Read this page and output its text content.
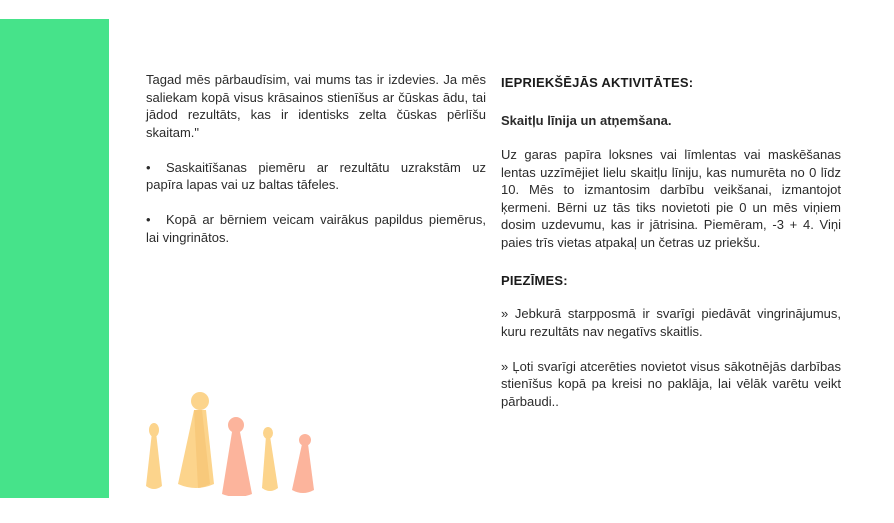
Tagad mēs pārbaudīsim, vai mums tas ir izdevies. Ja mēs saliekam kopā visus krāsainos stienīšus ar čūskas ādu, tai jādod rezultāts, kas ir identisks zelta čūskas pērlīšu skaitam."

• Saskaitīšanas piemēru ar rezultātu uzrakstām uz papīra lapas vai uz baltas tāfeles.

• Kopā ar bērniem veicam vairākus papildus piemērus, lai vingrinātos.

IEPRIEKŠĒJĀS AKTIVITĀTES:

Skaitļu līnija un atņemšana.

Uz garas papīra loksnes vai līmlentas vai maskēšanas lentas uzzīmējiet lielu skaitļu līniju, kas numurēta no 0 līdz 10. Mēs to izmantosim darbību veikšanai, izmantojot ķermeni. Bērni uz tās tiks novietoti pie 0 un mēs viņiem dosim uzdevumu, kas ir jātrisina. Piemēram, -3 + 4. Viņi paies trīs vietas atpakaļ un četras uz priekšu.

PIEZĪMES:

» Jebkurā starpposmā ir svarīgi piedāvāt vingrinājumus, kuru rezultāts nav negatīvs skaitlis.

» Ļoti svarīgi atcerēties novietot visus sākotnējās darbības stienīšus kopā pa kreisi no paklāja, lai vēlāk varētu veikt pārbaudi..
